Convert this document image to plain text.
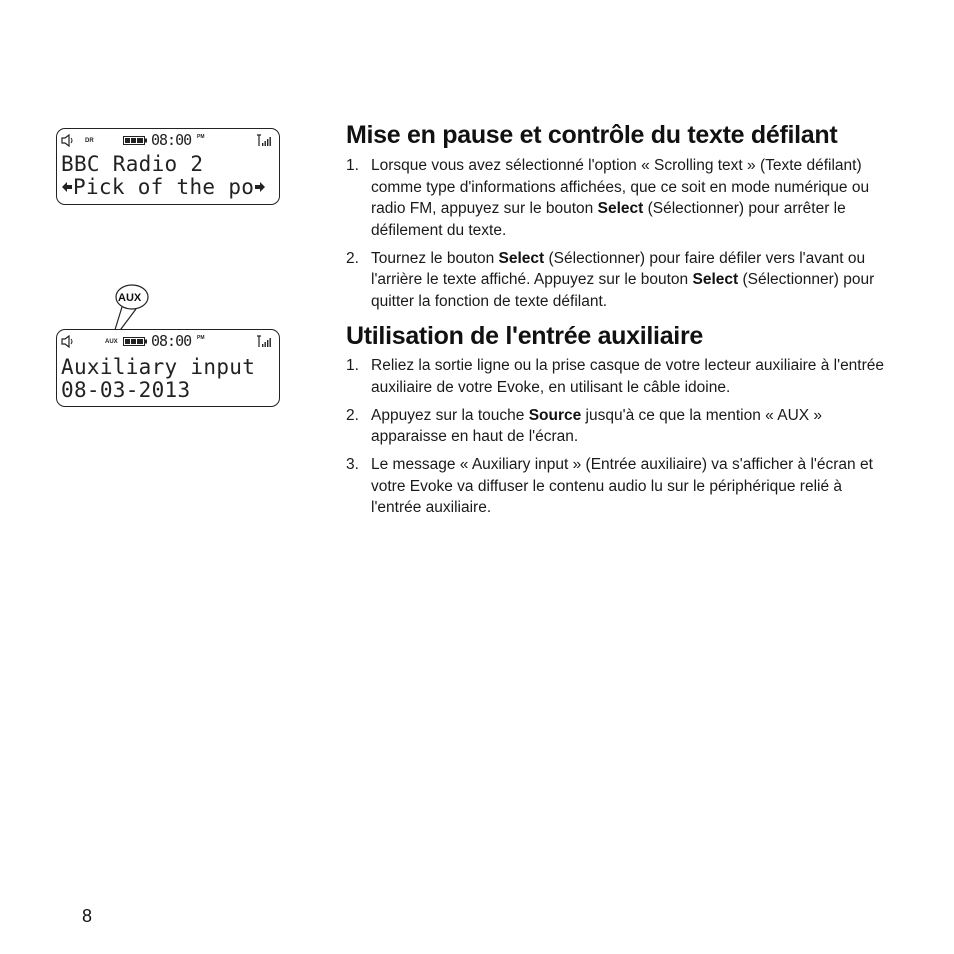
DR	08:00 PM
BBC Radio 2
Pick of the po
AUX
AUX 08:00 PM
Auxiliary input
08-03-2013
Mise en pause et contrôle du texte défilant
1. Lorsque vous avez sélectionné l'option « Scrolling text » (Texte défilant) comme type d'informations affichées, que ce soit en mode numérique ou radio FM, appuyez sur le bouton Select (Sélectionner) pour arrêter le défilement du texte.
2. Tournez le bouton Select (Sélectionner) pour faire défiler vers l'avant ou l'arrière le texte affiché. Appuyez sur le bouton Select (Sélectionner) pour quitter la fonction de texte défilant.
Utilisation de l'entrée auxiliaire
1. Reliez la sortie ligne ou la prise casque de votre lecteur auxiliaire à l'entrée auxiliaire de votre Evoke, en utilisant le câble idoine.
2. Appuyez sur la touche Source jusqu'à ce que la mention « AUX » apparaisse en haut de l'écran.
3. Le message « Auxiliary input » (Entrée auxiliaire) va s'afficher à l'écran et votre Evoke va diffuser le contenu audio lu sur le périphérique relié à l'entrée auxiliaire.
8
